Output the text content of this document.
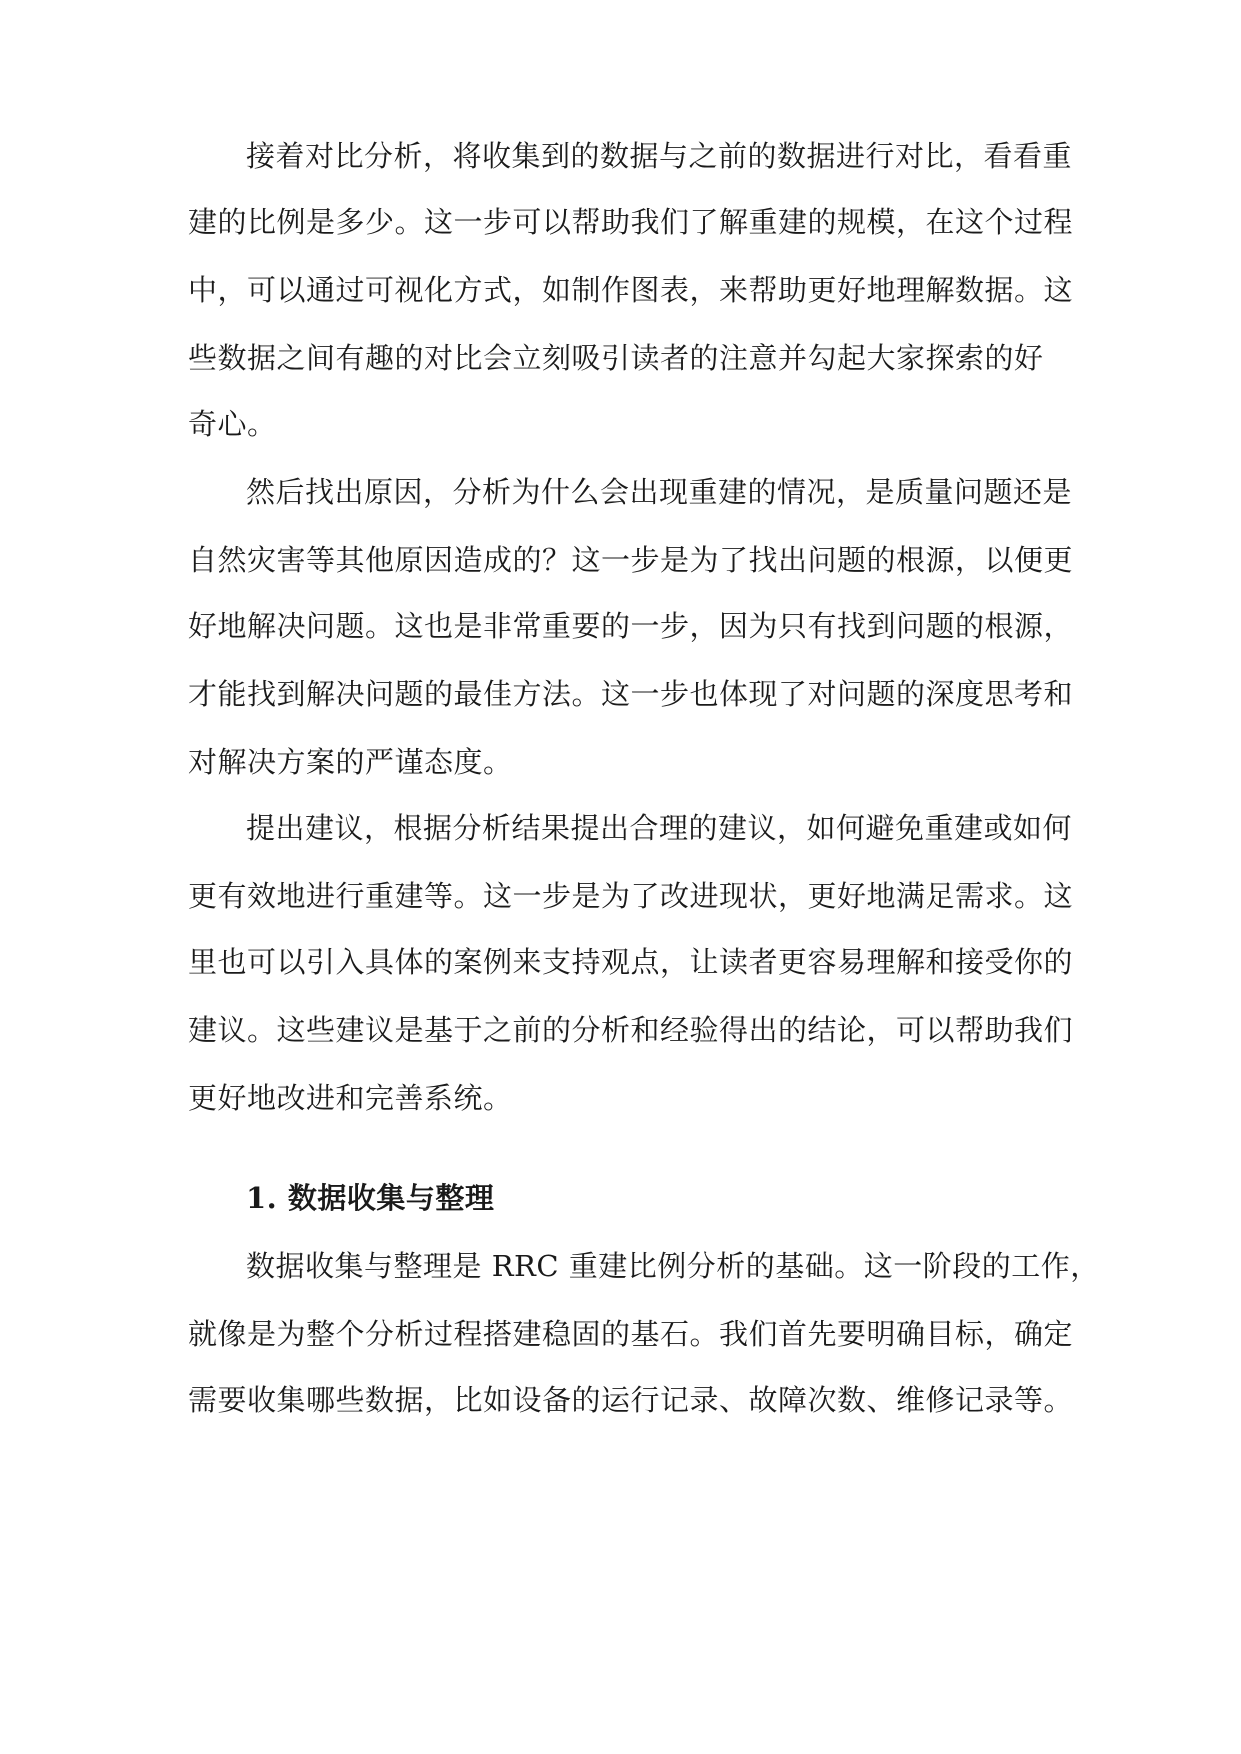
接着对比分析，将收集到的数据与之前的数据进行对比，看看重
建的比例是多少。这一步可以帮助我们了解重建的规模，在这个过程
中，可以通过可视化方式，如制作图表，来帮助更好地理解数据。这
些数据之间有趣的对比会立刻吸引读者的注意并勾起大家探索的好
奇心。
然后找出原因，分析为什么会出现重建的情况，是质量问题还是
自然灾害等其他原因造成的？这一步是为了找出问题的根源，以便更
好地解决问题。这也是非常重要的一步，因为只有找到问题的根源，
才能找到解决问题的最佳方法。这一步也体现了对问题的深度思考和
对解决方案的严谨态度。
提出建议，根据分析结果提出合理的建议，如何避免重建或如何
更有效地进行重建等。这一步是为了改进现状，更好地满足需求。这
里也可以引入具体的案例来支持观点，让读者更容易理解和接受你的
建议。这些建议是基于之前的分析和经验得出的结论，可以帮助我们
更好地改进和完善系统。
1. 数据收集与整理
数据收集与整理是 RRC 重建比例分析的基础。这一阶段的工作，
就像是为整个分析过程搭建稳固的基石。我们首先要明确目标，确定
需要收集哪些数据，比如设备的运行记录、故障次数、维修记录等。
